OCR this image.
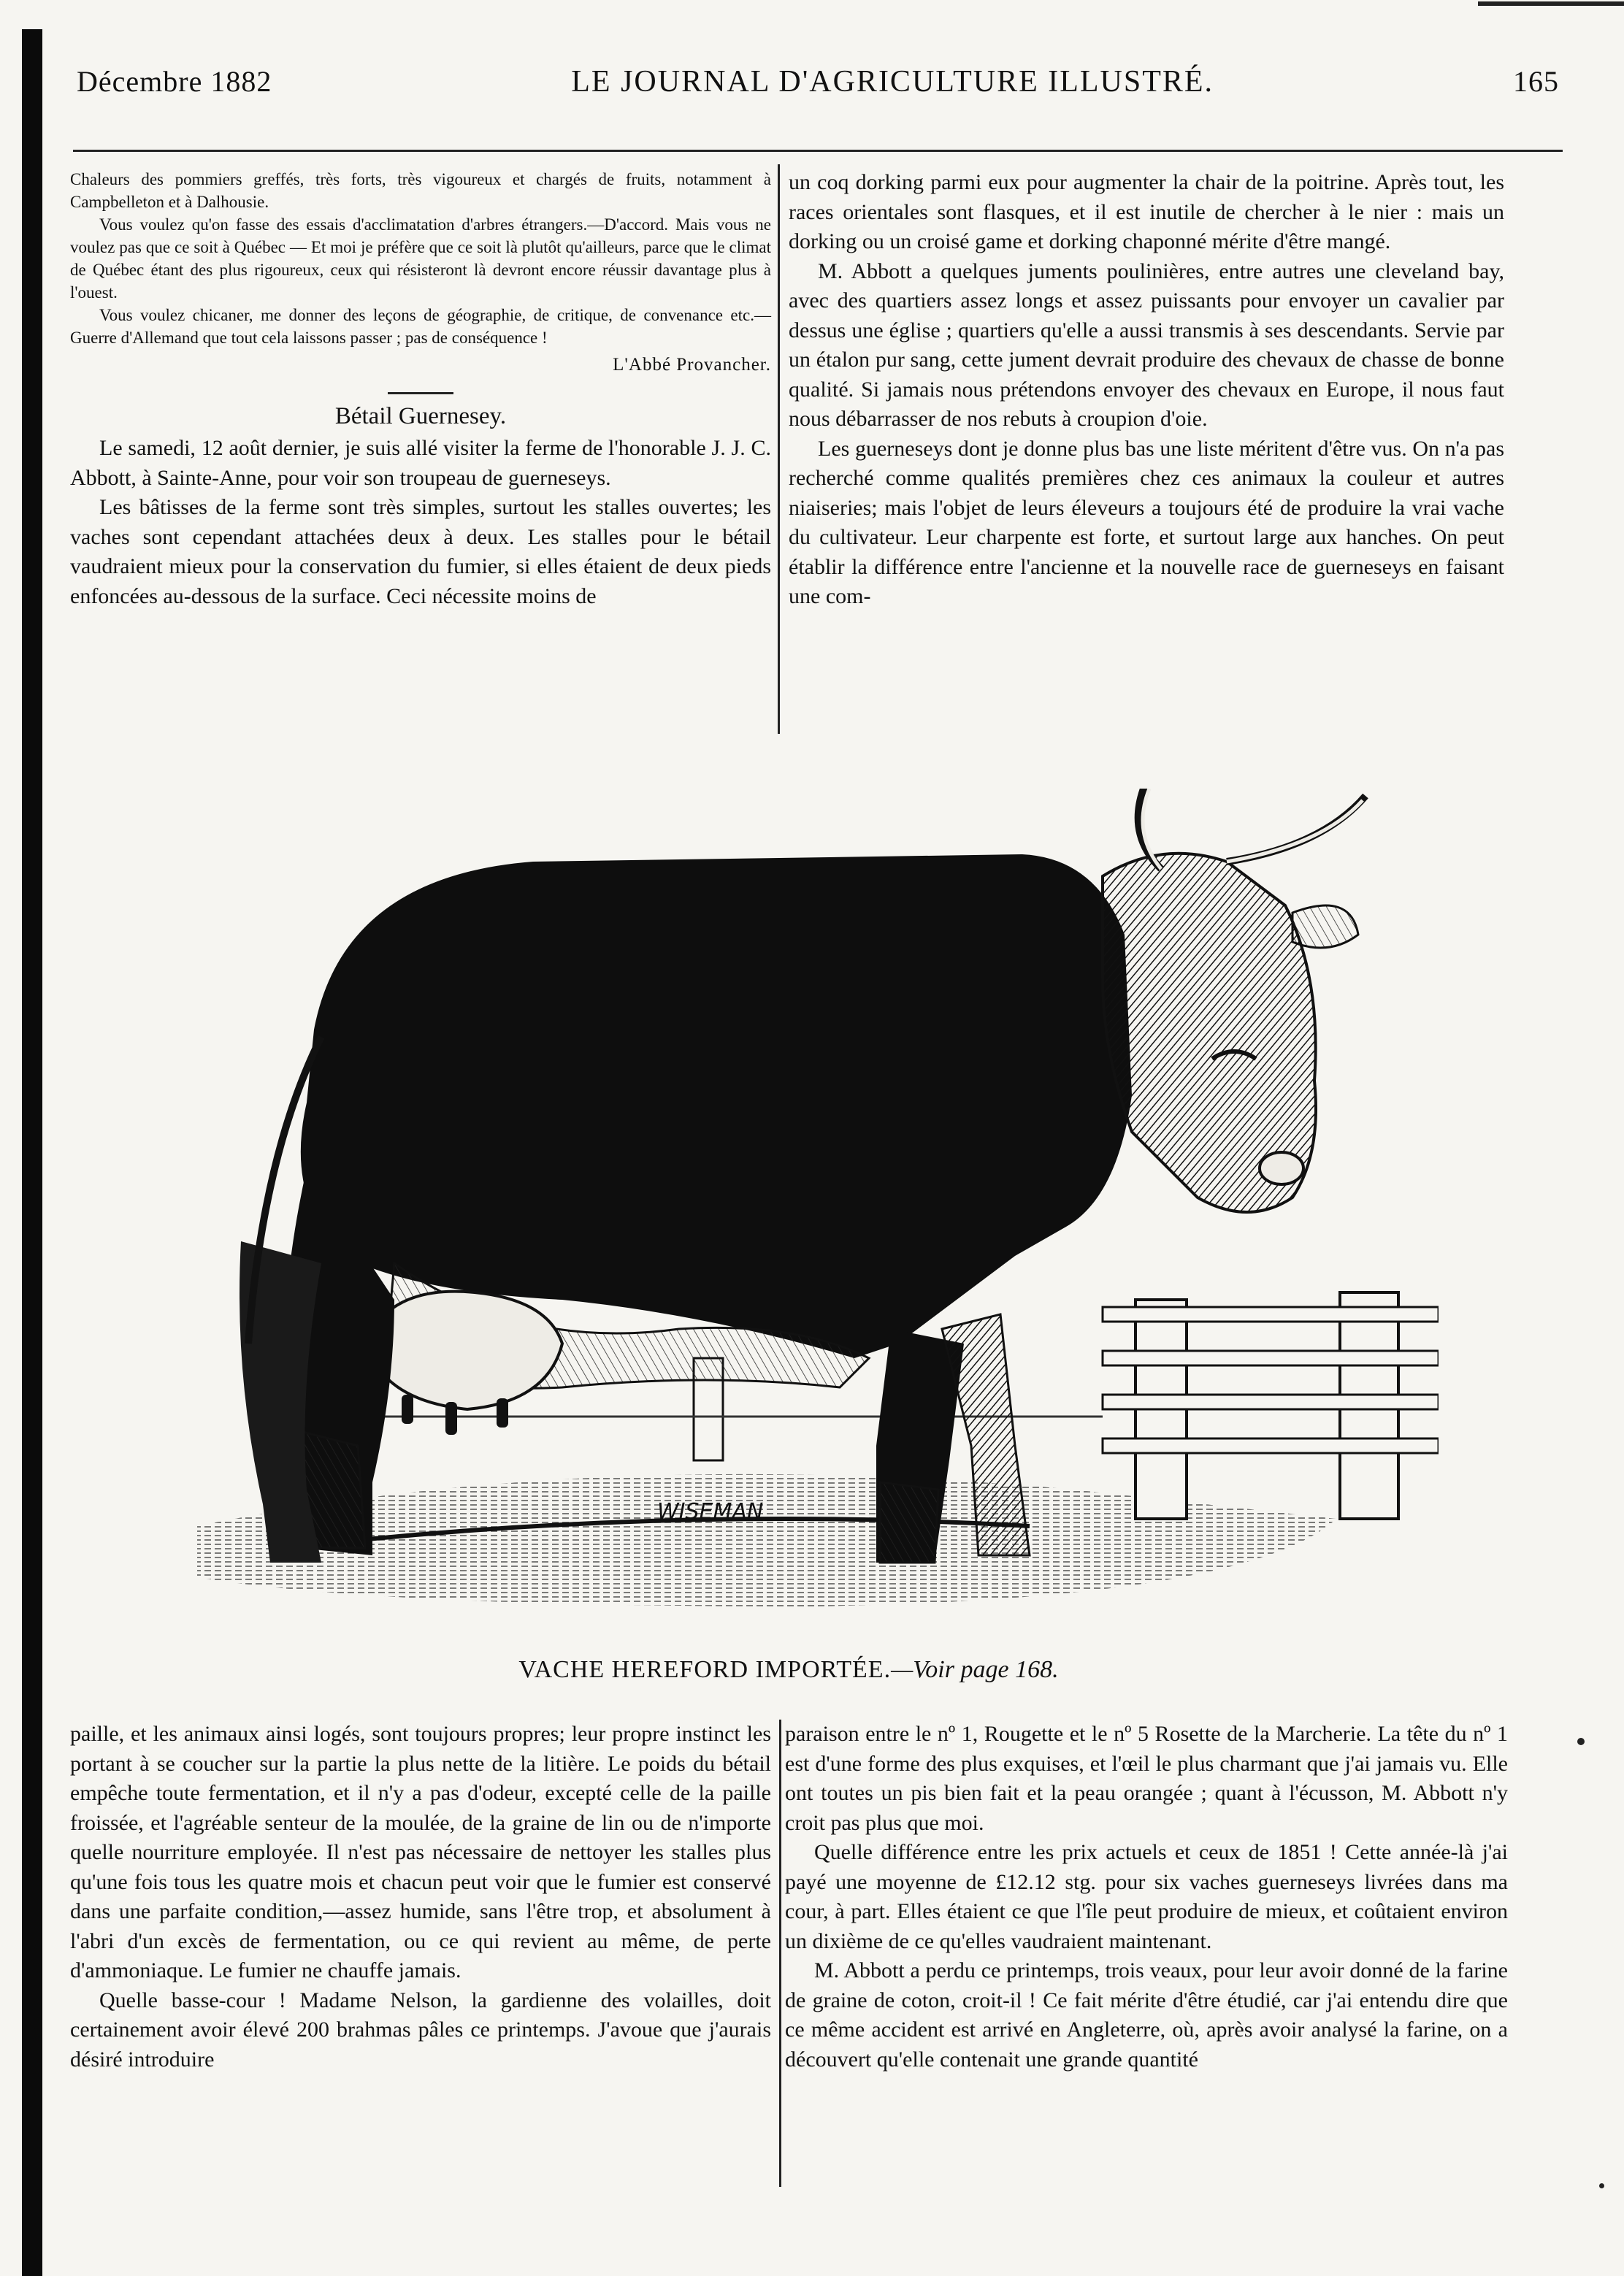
Décembre 1882	LE JOURNAL D'AGRICULTURE ILLUSTRÉ.	165

Chaleurs des pommiers greffés, très forts, très vigoureux et chargés de fruits, notamment à Campbelleton et à Dalhousie.

Vous voulez qu'on fasse des essais d'acclimatation d'arbres étrangers.—D'accord. Mais vous ne voulez pas que ce soit à Québec — Et moi je préfère que ce soit là plutôt qu'ailleurs, parce que le climat de Québec étant des plus rigoureux, ceux qui résisteront là devront encore réussir davantage plus à l'ouest.

Vous voulez chicaner, me donner des leçons de géographie, de critique, de convenance etc.—Guerre d'Allemand que tout cela laissons passer ; pas de conséquence !

L'Abbé Provancher.
Bétail Guernesey.

Le samedi, 12 août dernier, je suis allé visiter la ferme de l'honorable J. J. C. Abbott, à Sainte-Anne, pour voir son troupeau de guerneseys.

Les bâtisses de la ferme sont très simples, surtout les stalles ouvertes; les vaches sont cependant attachées deux à deux. Les stalles pour le bétail vaudraient mieux pour la conservation du fumier, si elles étaient de deux pieds enfoncées au-dessous de la surface. Ceci nécessite moins de

un coq dorking parmi eux pour augmenter la chair de la poitrine. Après tout, les races orientales sont flasques, et il est inutile de chercher à le nier : mais un dorking ou un croisé game et dorking chaponné mérite d'être mangé.

M. Abbott a quelques juments poulinières, entre autres une cleveland bay, avec des quartiers assez longs et assez puissants pour envoyer un cavalier par dessus une église ; quartiers qu'elle a aussi transmis à ses descendants. Servie par un étalon pur sang, cette jument devrait produire des chevaux de chasse de bonne qualité. Si jamais nous prétendons envoyer des chevaux en Europe, il nous faut nous débarrasser de nos rebuts à croupion d'oie.

Les guerneseys dont je donne plus bas une liste méritent d'être vus. On n'a pas recherché comme qualités premières chez ces animaux la couleur et autres niaiseries; mais l'objet de leurs éleveurs a toujours été de produire la vrai vache du cultivateur. Leur charpente est forte, et surtout large aux hanches. On peut établir la différence entre l'ancienne et la nouvelle race de guerneseys en faisant une com-

WISEMAN
VACHE HEREFORD IMPORTÉE.—Voir page 168.

paille, et les animaux ainsi logés, sont toujours propres; leur propre instinct les portant à se coucher sur la partie la plus nette de la litière. Le poids du bétail empêche toute fermentation, et il n'y a pas d'odeur, excepté celle de la paille froissée, et l'agréable senteur de la moulée, de la graine de lin ou de n'importe quelle nourriture employée. Il n'est pas nécessaire de nettoyer les stalles plus qu'une fois tous les quatre mois et chacun peut voir que le fumier est conservé dans une parfaite condition,—assez humide, sans l'être trop, et absolument à l'abri d'un excès de fermentation, ou ce qui revient au même, de perte d'ammoniaque. Le fumier ne chauffe jamais.

Quelle basse-cour ! Madame Nelson, la gardienne des volailles, doit certainement avoir élevé 200 brahmas pâles ce printemps. J'avoue que j'aurais désiré introduire

paraison entre le nº 1, Rougette et le nº 5 Rosette de la Marcherie. La tête du nº 1 est d'une forme des plus exquises, et l'œil le plus charmant que j'ai jamais vu. Elle ont toutes un pis bien fait et la peau orangée ; quant à l'écusson, M. Abbott n'y croit pas plus que moi.

Quelle différence entre les prix actuels et ceux de 1851 ! Cette année-là j'ai payé une moyenne de £12.12 stg. pour six vaches guerneseys livrées dans ma cour, à part. Elles étaient ce que l'île peut produire de mieux, et coûtaient environ un dixième de ce qu'elles vaudraient maintenant.

M. Abbott a perdu ce printemps, trois veaux, pour leur avoir donné de la farine de graine de coton, croit-il ! Ce fait mérite d'être étudié, car j'ai entendu dire que ce même accident est arrivé en Angleterre, où, après avoir analysé la farine, on a découvert qu'elle contenait une grande quantité
